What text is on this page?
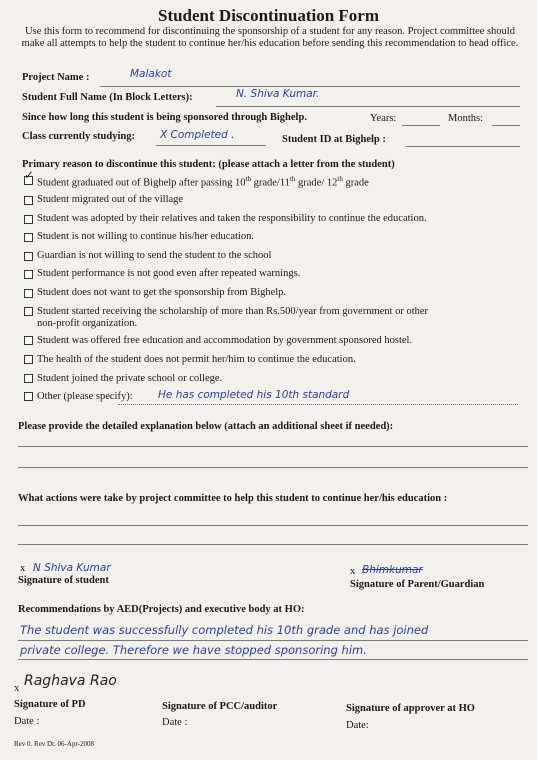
Student Discontinuation Form
Use this form to recommend for discontinuing the sponsorship of a student for any reason. Project committee should make all attempts to help the student to continue her/his education before sending this recommendation to head office.
Project Name :	Malakot
Student Full Name (In Block Letters):	N. Shiva Kumar.
Since how long this student is being sponsored through Bighelp.	Years:	Months:
Class currently studying: X Completed .	Student ID at Bighelp :
Primary reason to discontinue this student: (please attach a letter from the student)
✓
Student graduated out of Bighelp after passing 10th grade/11th grade/ 12th grade
Student migrated out of the village
Student was adopted by their relatives and taken the responsibility to continue the education.
Student is not willing to continue his/her education.
Guardian is not willing to send the student to the school
Student performance is not good even after repeated warnings.
Student does not want to get the sponsorship from Bighelp.
Student started receiving the scholarship of more than Rs.500/year from government or other
non-profit organization.
Student was offered free education and accommodation by government sponsored hostel.
The health of the student does not permit her/him to continue the education.
Student joined the private school or college.
Other (please specify): He has completed his 10th standard
Please provide the detailed explanation below (attach an additional sheet if needed):
What actions were take by project committee to help this student to continue her/his education :
x N Shiva Kumar
Signature of student
x Bhimkumar
Signature of Parent/Guardian
Recommendations by AED(Projects) and executive body at HO:
The student was successfully completed his 10th grade and has joined
private college. Therefore we have stopped sponsoring him.
x Raghava Rao
Signature of PD
Date :
Signature of PCC/auditor
Date :
Signature of approver at HO
Date:
Rev 0. Rev Dt. 06-Apr-2008
